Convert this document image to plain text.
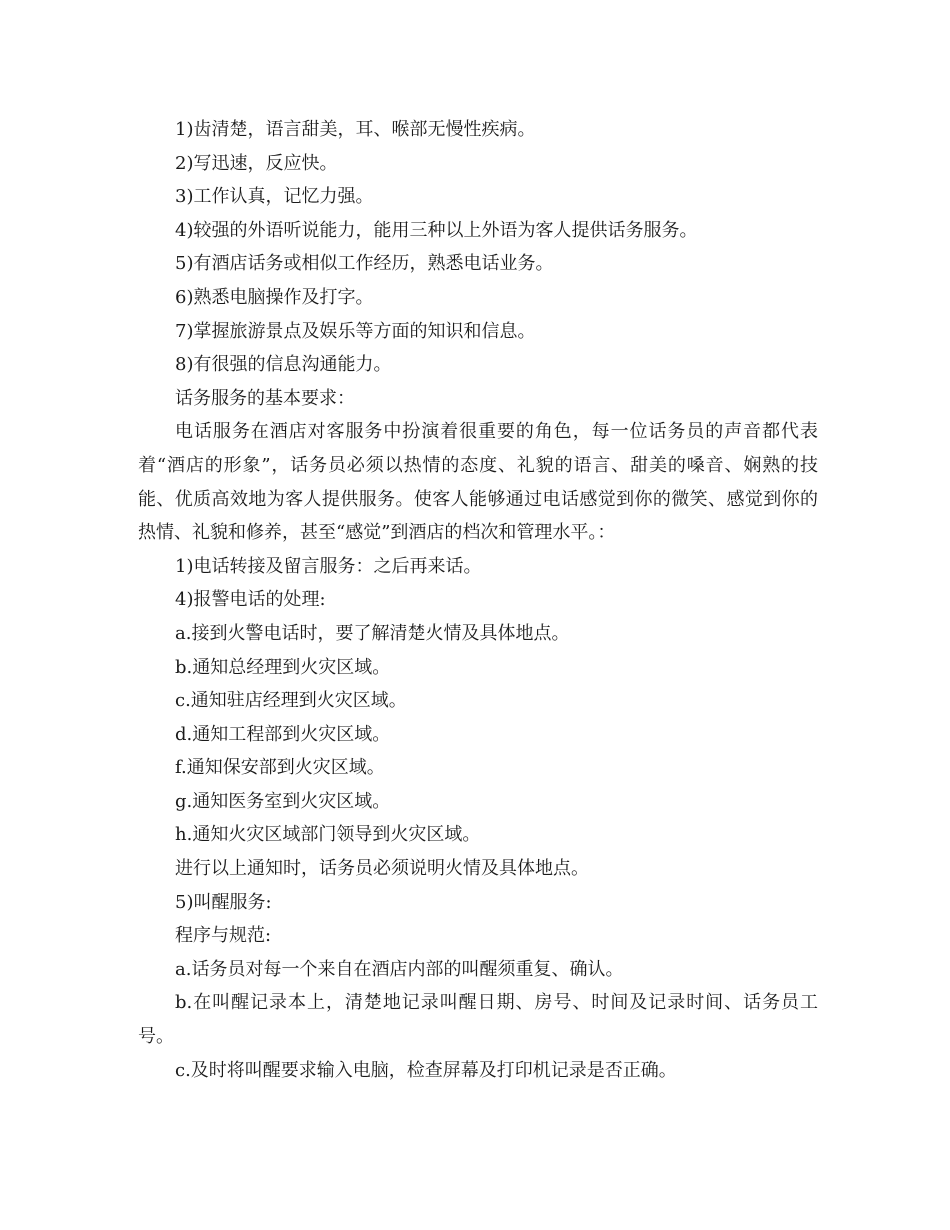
1)齿清楚，语言甜美，耳、喉部无慢性疾病。
2)写迅速，反应快。
3)工作认真，记忆力强。
4)较强的外语听说能力，能用三种以上外语为客人提供话务服务。
5)有酒店话务或相似工作经历，熟悉电话业务。
6)熟悉电脑操作及打字。
7)掌握旅游景点及娱乐等方面的知识和信息。
8)有很强的信息沟通能力。
话务服务的基本要求：
电话服务在酒店对客服务中扮演着很重要的角色，每一位话务员的声音都代表着“酒店的形象”，话务员必须以热情的态度、礼貌的语言、甜美的嗓音、娴熟的技能、优质高效地为客人提供服务。使客人能够通过电话感觉到你的微笑、感觉到你的热情、礼貌和修养，甚至“感觉”到酒店的档次和管理水平。：
1)电话转接及留言服务：之后再来话。
4)报警电话的处理:
a.接到火警电话时，要了解清楚火情及具体地点。
b.通知总经理到火灾区域。
c.通知驻店经理到火灾区域。
d.通知工程部到火灾区域。
f.通知保安部到火灾区域。
g.通知医务室到火灾区域。
h.通知火灾区域部门领导到火灾区域。
进行以上通知时，话务员必须说明火情及具体地点。
5)叫醒服务:
程序与规范:
a.话务员对每一个来自在酒店内部的叫醒须重复、确认。
b.在叫醒记录本上，清楚地记录叫醒日期、房号、时间及记录时间、话务员工号。
c.及时将叫醒要求输入电脑，检查屏幕及打印机记录是否正确。
